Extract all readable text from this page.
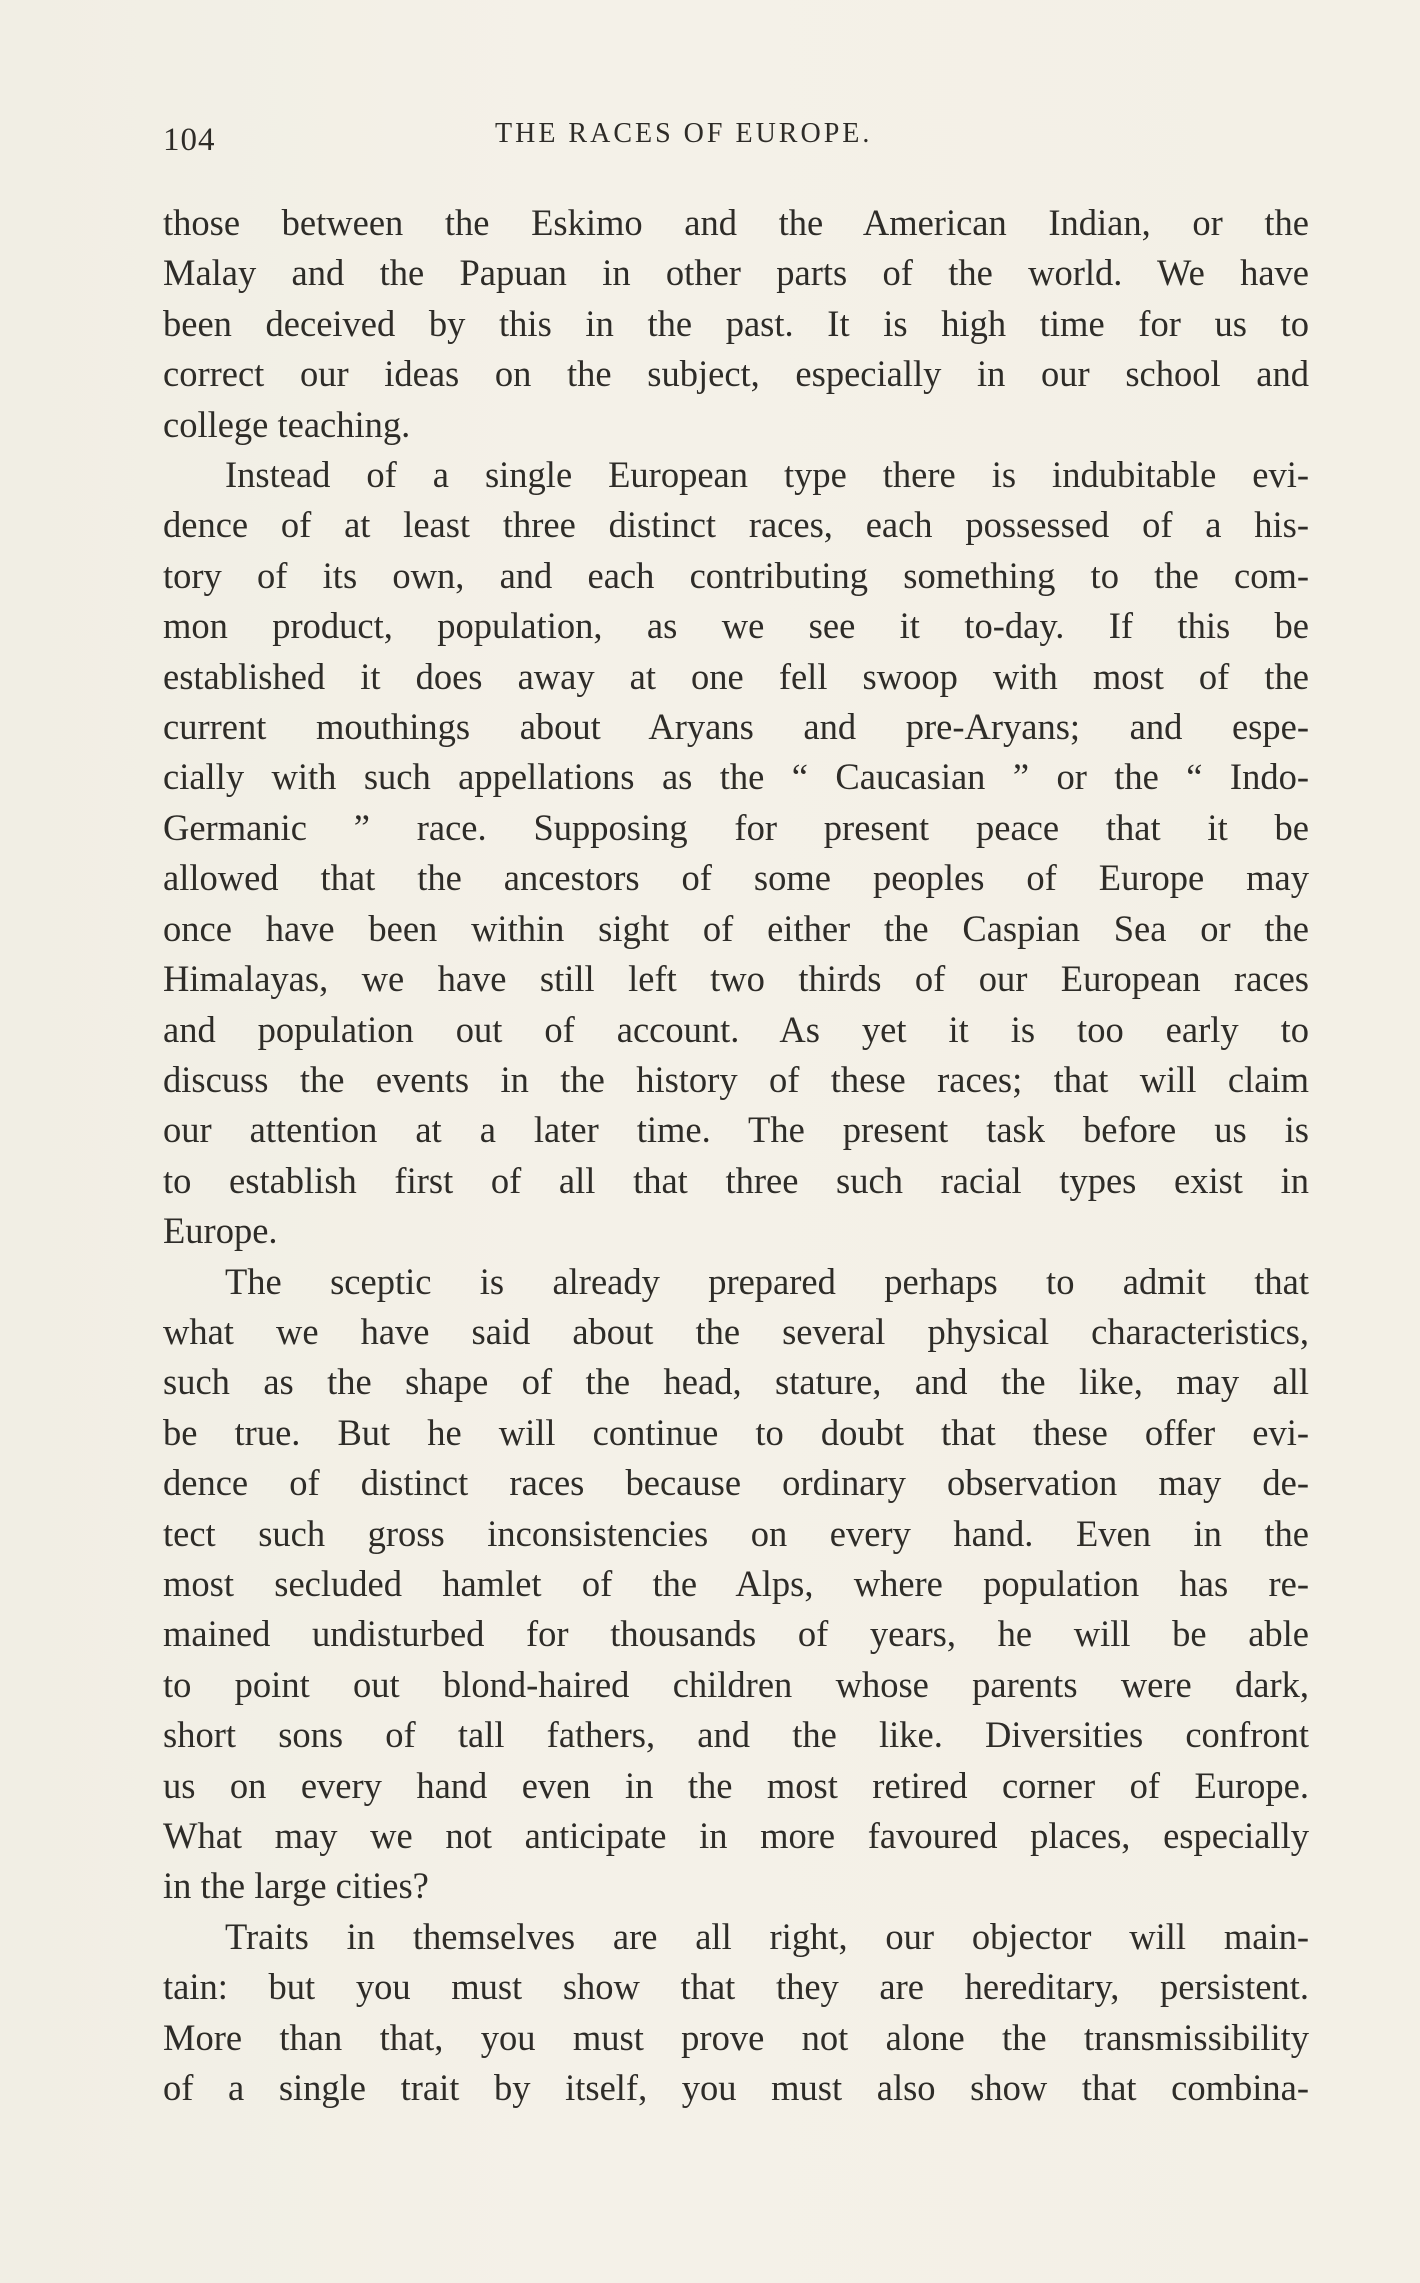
104	THE RACES OF EUROPE.

those between the Eskimo and the American Indian, or the
Malay and the Papuan in other parts of the world. We have
been deceived by this in the past. It is high time for us to
correct our ideas on the subject, especially in our school and
college teaching.

Instead of a single European type there is indubitable evi-
dence of at least three distinct races, each possessed of a his-
tory of its own, and each contributing something to the com-
mon product, population, as we see it to-day. If this be
established it does away at one fell swoop with most of the
current mouthings about Aryans and pre-Aryans; and espe-
cially with such appellations as the “ Caucasian ” or the “ Indo-
Germanic ” race. Supposing for present peace that it be
allowed that the ancestors of some peoples of Europe may
once have been within sight of either the Caspian Sea or the
Himalayas, we have still left two thirds of our European races
and population out of account. As yet it is too early to
discuss the events in the history of these races; that will claim
our attention at a later time. The present task before us is
to establish first of all that three such racial types exist in
Europe.

The sceptic is already prepared perhaps to admit that
what we have said about the several physical characteristics,
such as the shape of the head, stature, and the like, may all
be true. But he will continue to doubt that these offer evi-
dence of distinct races because ordinary observation may de-
tect such gross inconsistencies on every hand. Even in the
most secluded hamlet of the Alps, where population has re-
mained undisturbed for thousands of years, he will be able
to point out blond-haired children whose parents were dark,
short sons of tall fathers, and the like. Diversities confront
us on every hand even in the most retired corner of Europe.
What may we not anticipate in more favoured places, especially
in the large cities?

Traits in themselves are all right, our objector will main-
tain: but you must show that they are hereditary, persistent.
More than that, you must prove not alone the transmissibility
of a single trait by itself, you must also show that combina-
